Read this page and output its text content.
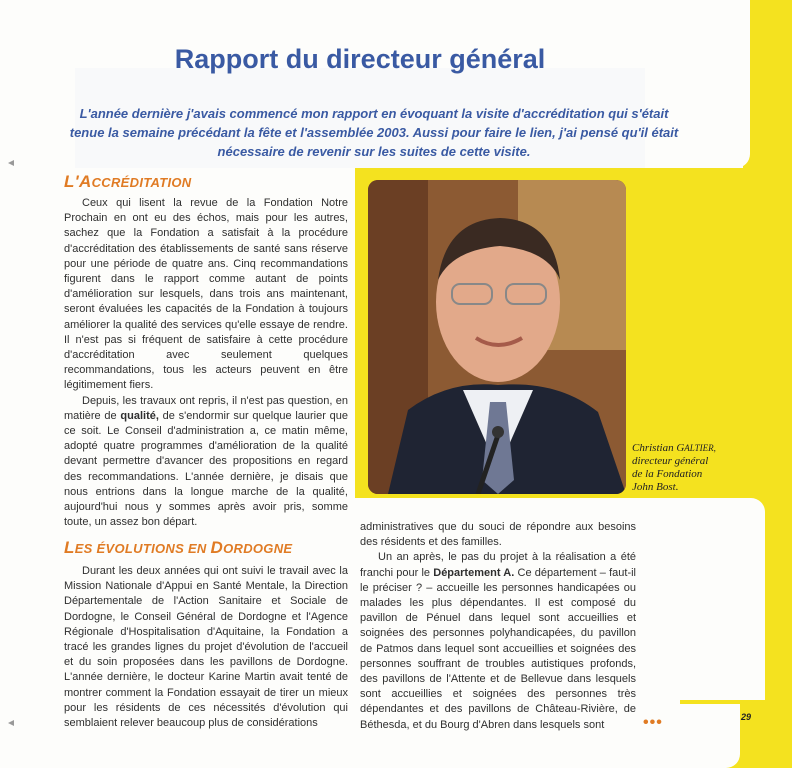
Rapport du directeur général
L'année dernière j'avais commencé mon rapport en évoquant la visite d'accréditation qui s'était tenue la semaine précédant la fête et l'assemblée 2003. Aussi pour faire le lien, j'ai pensé qu'il était nécessaire de revenir sur les suites de cette visite.
L'ACCRÉDITATION

Ceux qui lisent la revue de la Fondation Notre Prochain en ont eu des échos, mais pour les autres, sachez que la Fondation a satisfait à la procédure d'accréditation des établissements de santé sans réserve pour une période de quatre ans. Cinq recommandations figurent dans le rapport comme autant de points d'amélioration sur lesquels, dans trois ans maintenant, seront évaluées les capacités de la Fondation à toujours améliorer la qualité des services qu'elle essaye de rendre. Il n'est pas si fréquent de satisfaire à cette procédure d'accréditation avec seulement quelques recommandations, tous les acteurs peuvent en être légitimement fiers.

Depuis, les travaux ont repris, il n'est pas question, en matière de qualité, de s'endormir sur quelque laurier que ce soit. Le Conseil d'administration a, ce matin même, adopté quatre programmes d'amélioration de la qualité devant permettre d'avancer des propositions en regard des recommandations. L'année dernière, je disais que nous entrions dans la longue marche de la qualité, aujourd'hui nous y sommes après avoir pris, somme toute, un assez bon départ.

LES ÉVOLUTIONS EN DORDOGNE

Durant les deux années qui ont suivi le travail avec la Mission Nationale d'Appui en Santé Mentale, la Direction Départementale de l'Action Sanitaire et Sociale de Dordogne, le Conseil Général de Dordogne et l'Agence Régionale d'Hospitalisation d'Aquitaine, la Fondation a tracé les grandes lignes du projet d'évolution de l'accueil et du soin proposées dans les pavillons de Dordogne. L'année dernière, le docteur Karine Martin avait tenté de montrer comment la Fondation essayait de tirer un mieux pour les résidents de ces nécessités d'évolution qui semblaient relever beaucoup plus de considérations

administratives que du souci de répondre aux besoins des résidents et des familles.

Un an après, le pas du projet à la réalisation a été franchi pour le Département A. Ce département – faut-il le préciser ? – accueille les personnes handicapées ou malades les plus dépendantes. Il est composé du pavillon de Pénuel dans lequel sont accueillies et soignées des personnes polyhandicapées, du pavillon de Patmos dans lequel sont accueillies et soignées des personnes souffrant de troubles autistiques profonds, des pavillons de l'Attente et de Bellevue dans lesquels sont accueillies et soignées des personnes très dépendantes et des pavillons de Château-Rivière, de Béthesda, et du Bourg d'Abren dans lesquels sont

Christian GALTIER,
directeur général
de la Fondation
John Bost.
•••	29
